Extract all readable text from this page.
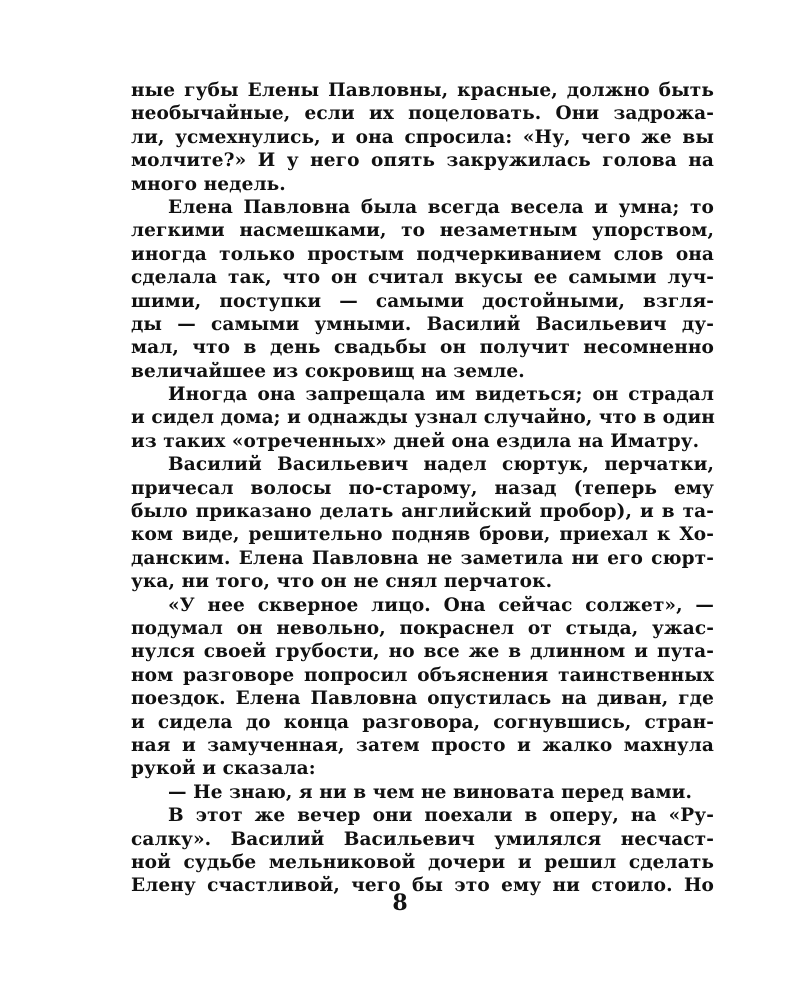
ные губы Елены Павловны, красные, должно быть
необычайные, если их поцеловать. Они задрожа-
ли, усмехнулись, и она спросила: «Ну, чего же вы
молчите?» И у него опять закружилась голова на
много недель.
Елена Павловна была всегда весела и умна; то
легкими насмешками, то незаметным упорством,
иногда только простым подчеркиванием слов она
сделала так, что он считал вкусы ее самыми луч-
шими, поступки — самыми достойными, взгля-
ды — самыми умными. Василий Васильевич ду-
мал, что в день свадьбы он получит несомненно
величайшее из сокровищ на земле.
Иногда она запрещала им видеться; он страдал
и сидел дома; и однажды узнал случайно, что в один
из таких «отреченных» дней она ездила на Иматру.
Василий Васильевич надел сюртук, перчатки,
причесал волосы по-старому, назад (теперь ему
было приказано делать английский пробор), и в та-
ком виде, решительно подняв брови, приехал к Хо-
данским. Елена Павловна не заметила ни его сюрт-
ука, ни того, что он не снял перчаток.
«У нее скверное лицо. Она сейчас солжет», —
подумал он невольно, покраснел от стыда, ужас-
нулся своей грубости, но все же в длинном и пута-
ном разговоре попросил объяснения таинственных
поездок. Елена Павловна опустилась на диван, где
и сидела до конца разговора, согнувшись, стран-
ная и замученная, затем просто и жалко махнула
рукой и сказала:
— Не знаю, я ни в чем не виновата перед вами.
В этот же вечер они поехали в оперу, на «Ру-
салку». Василий Васильевич умилялся несчаст-
ной судьбе мельниковой дочери и решил сделать
Елену счастливой, чего бы это ему ни стоило. Но
8
